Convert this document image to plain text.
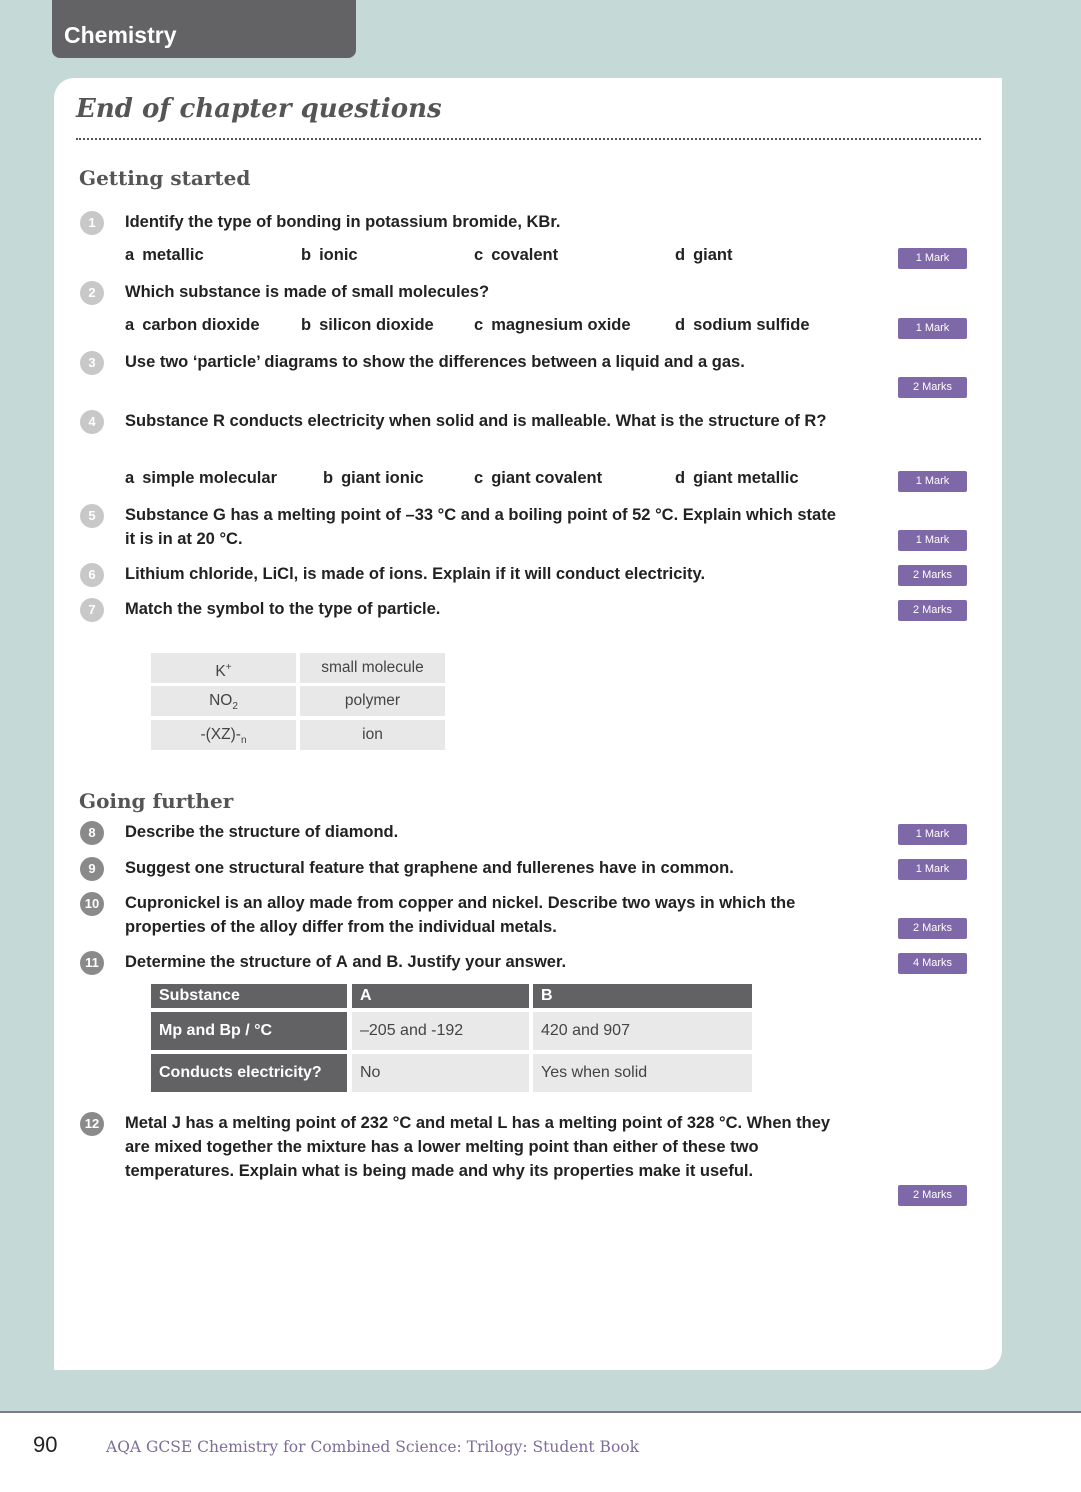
Chemistry
End of chapter questions
Getting started
1	Identify the type of bonding in potassium bromide, KBr.
a metallic	b ionic	c covalent	d giant	1 Mark
2	Which substance is made of small molecules?
a carbon dioxide	b silicon dioxide c magnesium oxide	d sodium sulfide	1 Mark
3	Use two ‘particle’ diagrams to show the differences between a liquid and a gas.
2 Marks
4	Substance R conducts electricity when solid and is malleable. What is the structure of R?
a simple molecular	b giant ionic	c giant covalent	d giant metallic	1 Mark
5	Substance G has a melting point of –33 °C and a boiling point of 52 °C. Explain which state it is in at 20 °C.	1 Mark
6	Lithium chloride, LiCl, is made of ions. Explain if it will conduct electricity.	2 Marks
7	Match the symbol to the type of particle.	2 Marks
K+	small molecule
$NO_2$	polymer
$-(XZ)-_n$	ion
Going further
8	Describe the structure of diamond.	1 Mark
9	Suggest one structural feature that graphene and fullerenes have in common.	1 Mark
10 Cupronickel is an alloy made from copper and nickel. Describe two ways in which the properties of the alloy differ from the individual metals.	2 Marks
11	Determine the structure of A and B. Justify your answer.	4 Marks
Substance	A	B
Mp and Bp / °C	–205 and -192	420 and 907
Conducts electricity?	No	Yes when solid
12 Metal J has a melting point of 232 °C and metal L has a melting point of 328 °C. When they are mixed together the mixture has a lower melting point than either of these two temperatures. Explain what is being made and why its properties make it useful.
2 Marks
90	AQA GCSE Chemistry for Combined Science: Trilogy: Student Book
